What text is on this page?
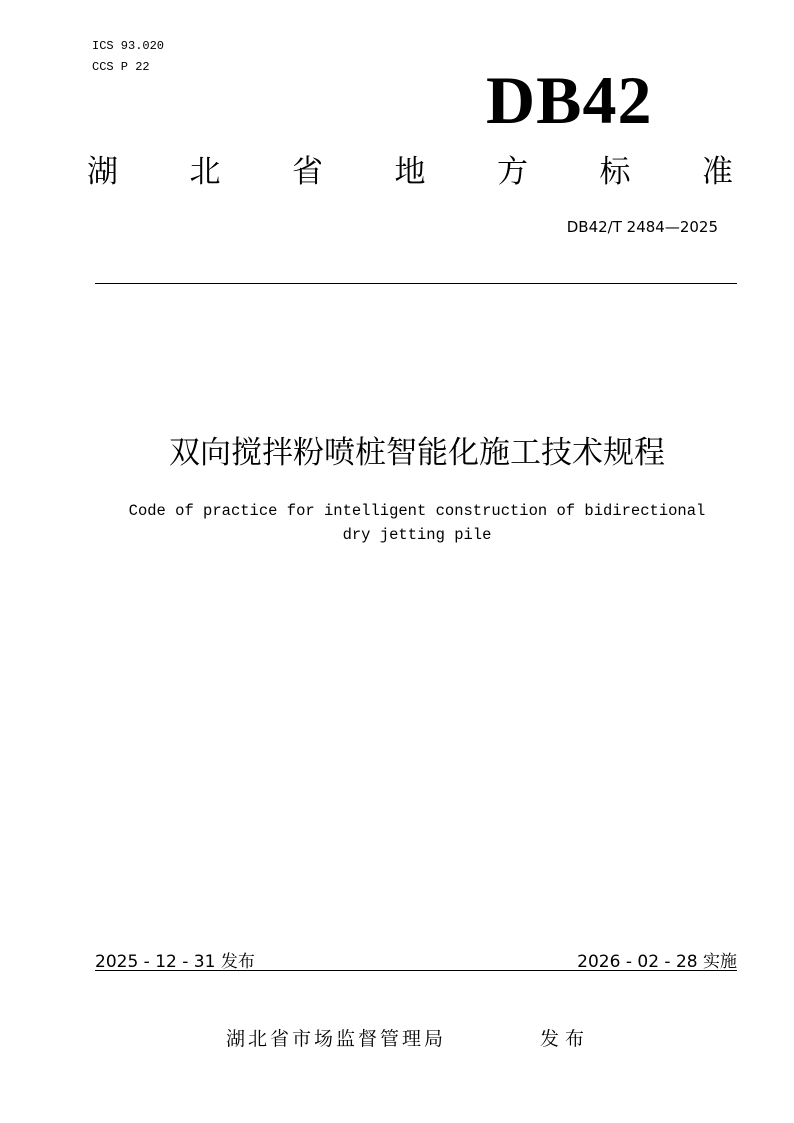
ICS 93.020
CCS P 22	DB42
湖 北 省 地 方 标 准
DB42/T 2484—2025
双向搅拌粉喷桩智能化施工技术规程
Code of practice for intelligent construction of bidirectional
dry jetting pile
2025 - 12 - 31 发布	2026 - 02 - 28 实施
湖北省市场监督管理局	发布
